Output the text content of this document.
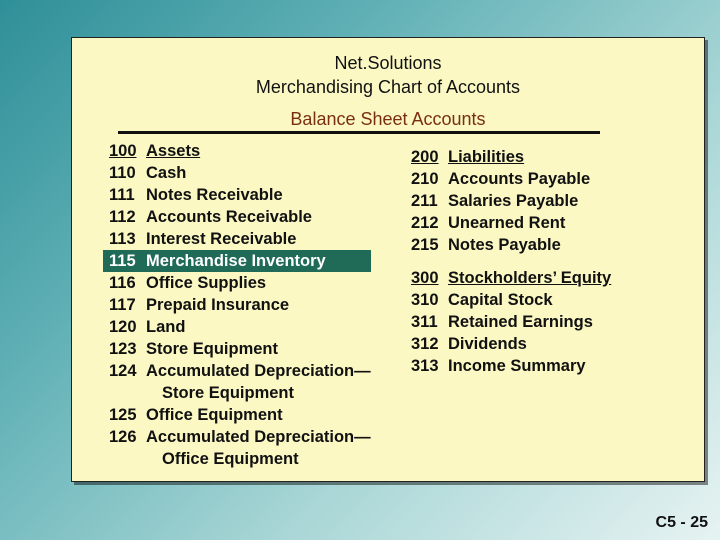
Net.Solutions
Merchandising Chart of Accounts
Balance Sheet Accounts
100 Assets
110 Cash
111 Notes Receivable
112 Accounts Receivable
113 Interest Receivable
115 Merchandise Inventory
116 Office Supplies
117 Prepaid Insurance
120 Land
123 Store Equipment
124 Accumulated Depreciation—
Store Equipment
125 Office Equipment
126 Accumulated Depreciation—
Office Equipment
200 Liabilities
210 Accounts Payable
211 Salaries Payable
212 Unearned Rent
215 Notes Payable
300 Stockholders’ Equity
310 Capital Stock
311 Retained Earnings
312 Dividends
313 Income Summary
C5 - 25
